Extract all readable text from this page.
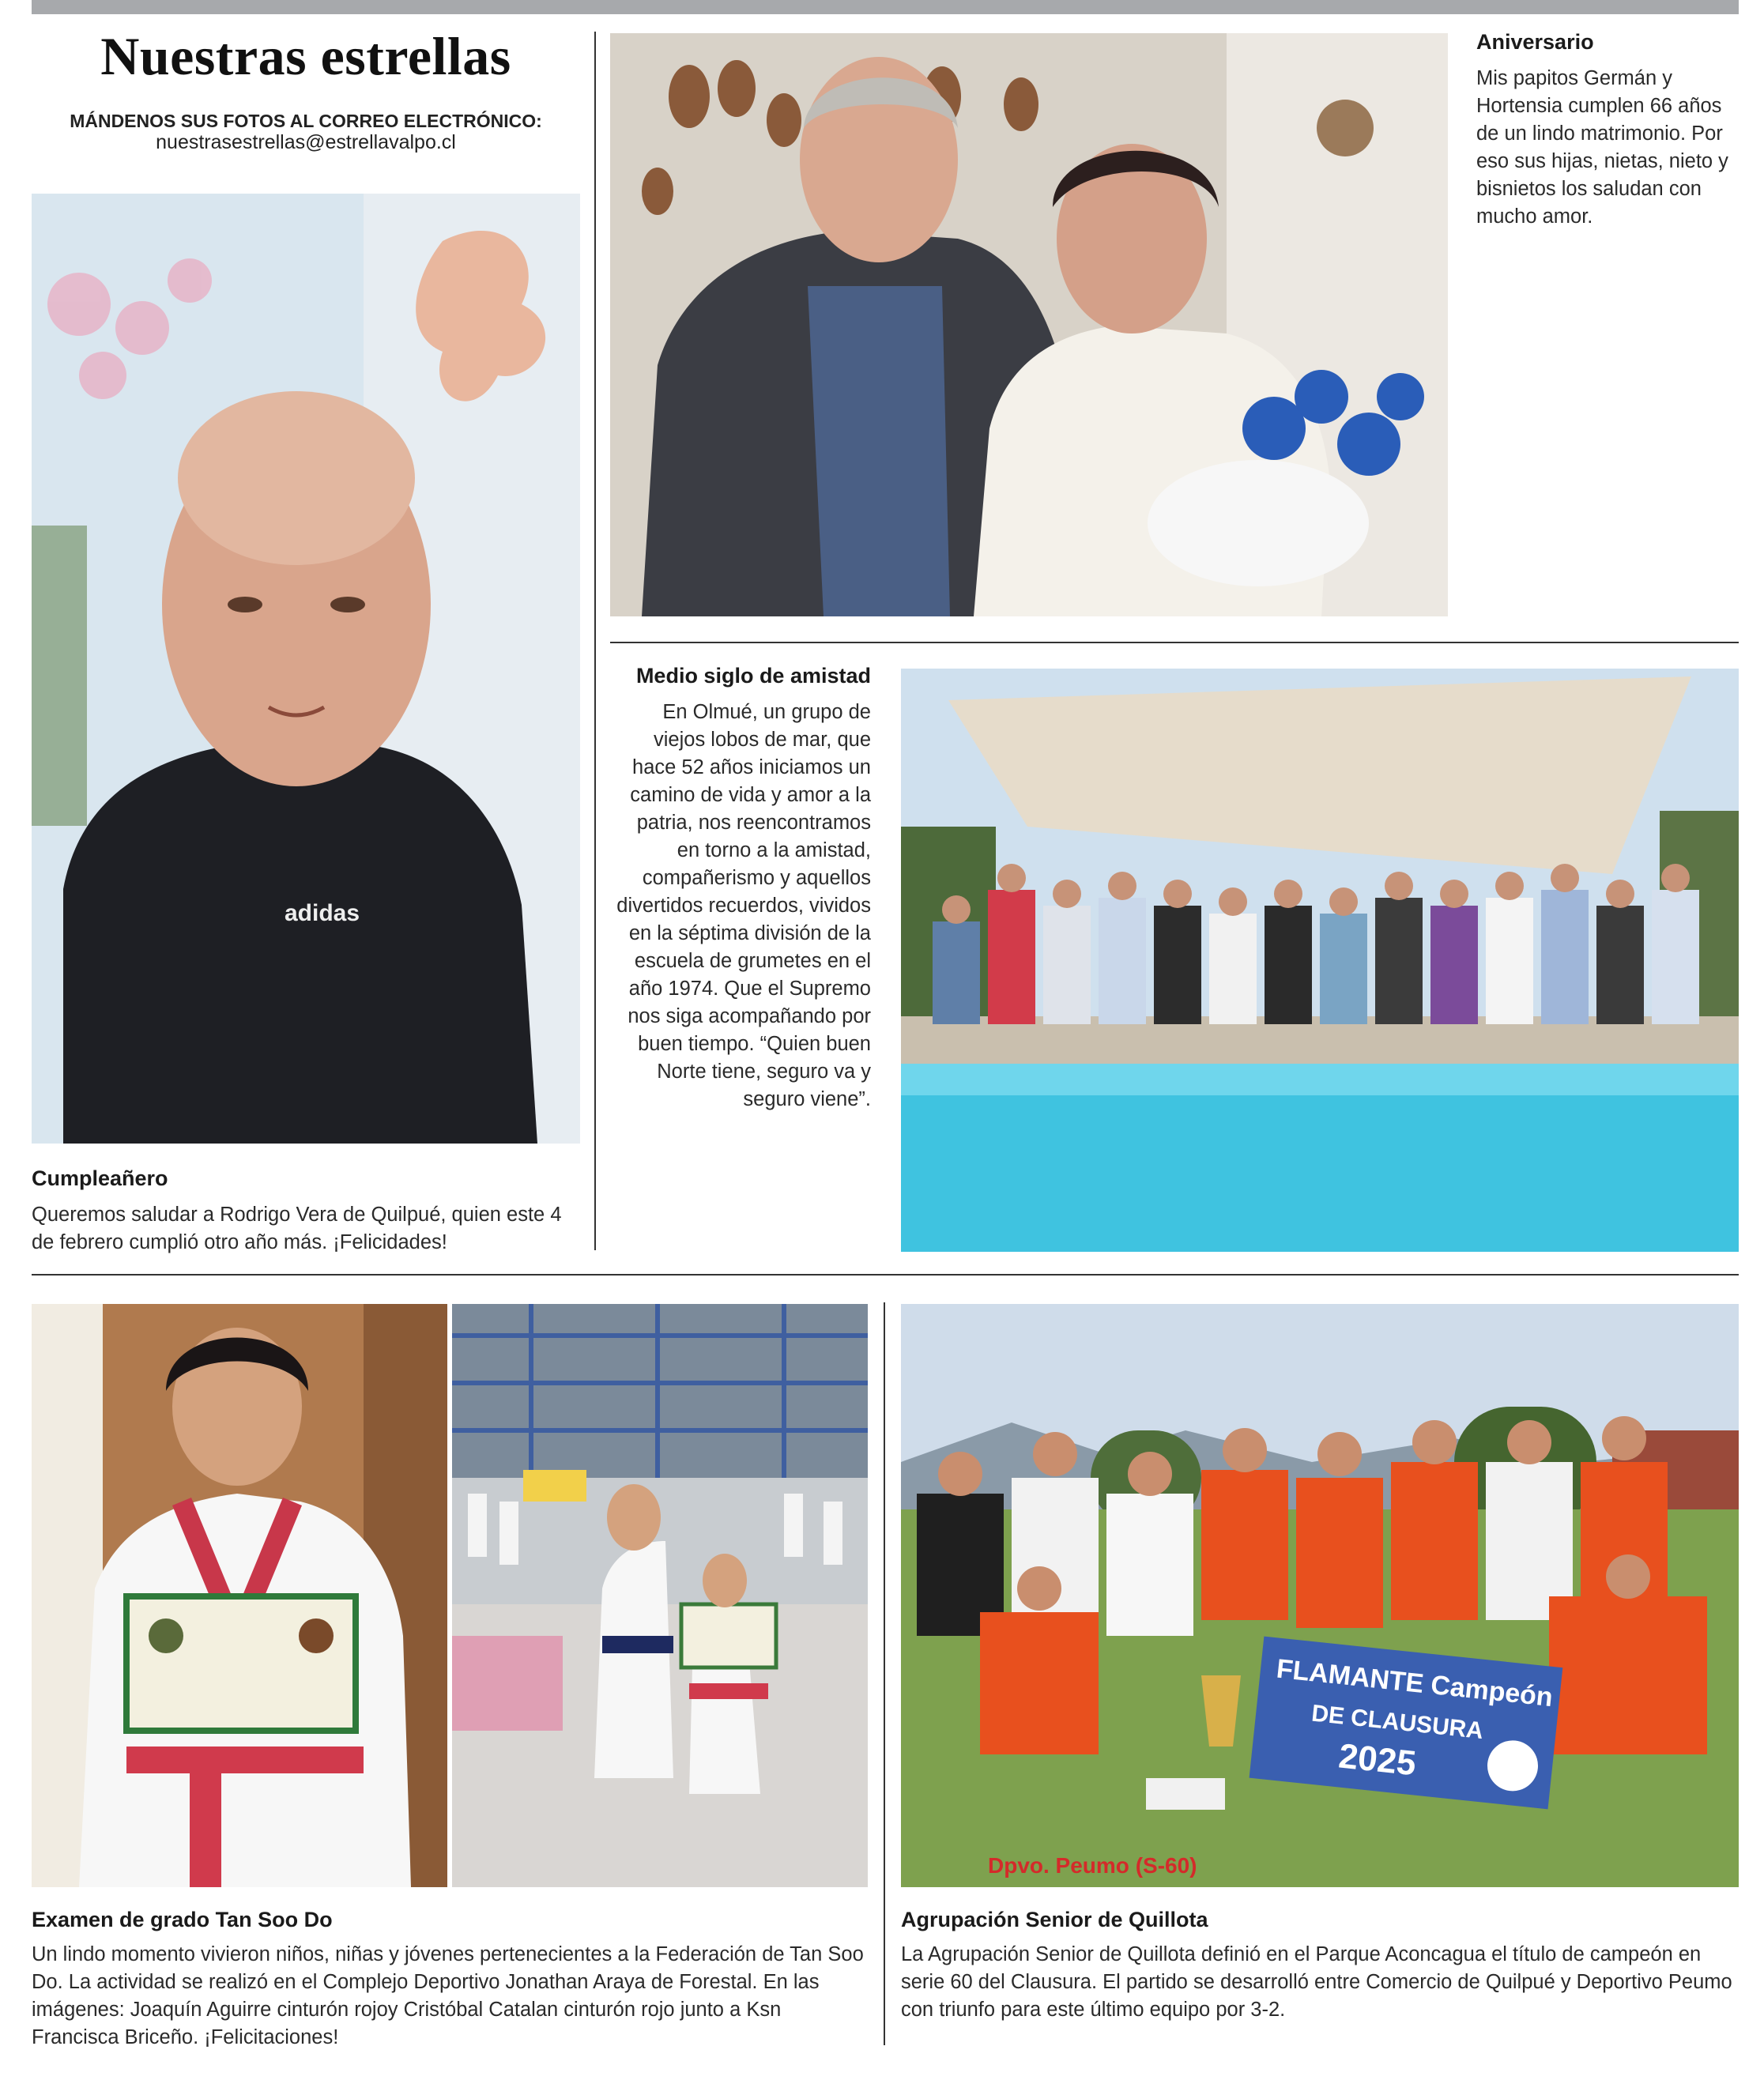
Nuestras estrellas
MÁNDENOS SUS FOTOS AL CORREO ELECTRÓNICO:
nuestrasestrellas@estrellavalpo.cl
adidas
FLAMANTE Campeón
DE CLAUSURA
2025
Dpvo. Peumo (S-60)
Cumpleañero
Queremos saludar a Rodrigo Vera de Quilpué, quien este 4 de febrero cumplió otro año más. ¡Felicidades!
Aniversario
Mis papitos Germán y Hortensia cumplen 66 años de un lindo matrimonio. Por eso sus hijas, nietas, nieto y bisnietos los saludan con mucho amor.
Medio siglo de amistad
En Olmué, un grupo de viejos lobos de mar, que hace 52 años iniciamos un camino de vida y amor a la patria, nos reencontramos en torno a la amistad, compañerismo y aquellos divertidos recuerdos, vividos en la séptima división de la escuela de grumetes en el año 1974. Que el Supremo nos siga acompañando por buen tiempo. “Quien buen Norte tiene, seguro va y seguro viene”.
Examen de grado Tan Soo Do
Un lindo momento vivieron niños, niñas y jóvenes pertenecientes a la Federación de Tan Soo Do. La actividad se realizó en el Complejo Deportivo Jonathan Araya de Forestal. En las imágenes: Joaquín Aguirre cinturón rojoy Cristóbal Catalan cinturón rojo junto a Ksn Francisca Briceño. ¡Felicitaciones!
Agrupación Senior de Quillota
La Agrupación Senior de Quillota definió en el Parque Aconcagua el título de campeón en serie 60 del Clausura. El partido se desarrolló entre Comercio de Quilpué y Deportivo Peumo con triunfo para este último equipo por 3-2.
